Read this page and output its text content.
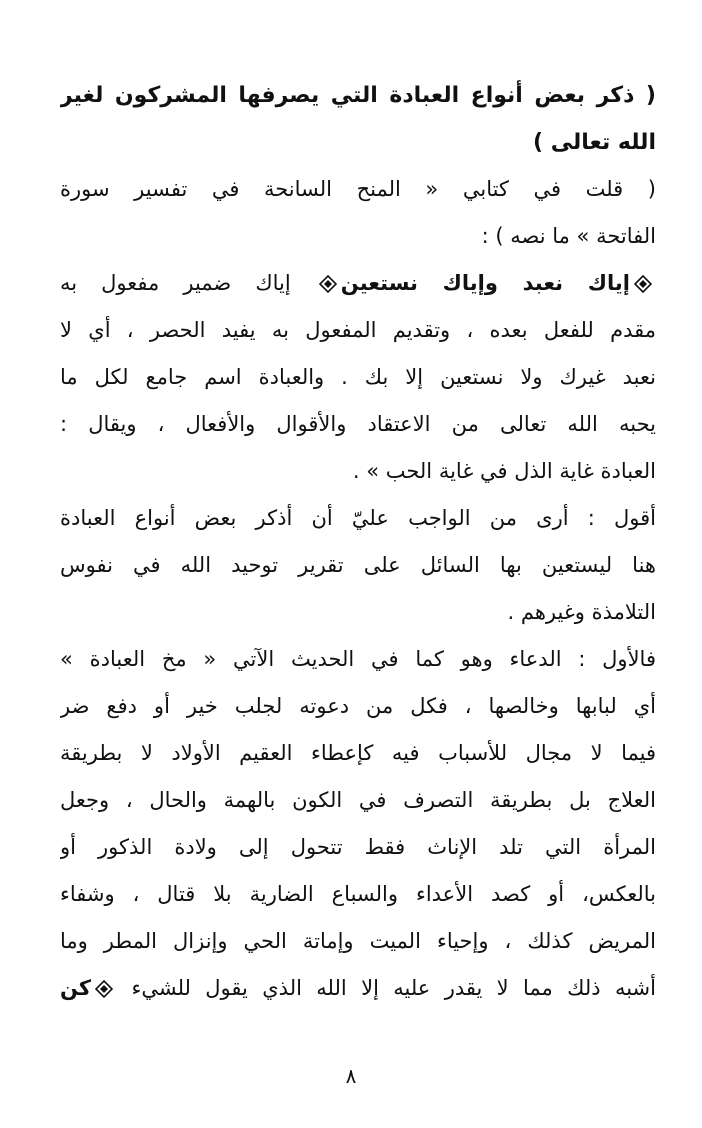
( ذكر بعض أنواع العبادة التي يصرفها المشركون لغير
الله تعالى )
( قلت في كتابي « المنح السانحة في تفسير سورة
الفاتحة » ما نصه ) :
إياك نعبد وإياك نستعين إياك ضمير مفعول به
مقدم للفعل بعده ، وتقديم المفعول به يفيد الحصر ، أي لا
نعبد غيرك ولا نستعين إلا بك . والعبادة اسم جامع لكل ما
يحبه الله تعالى من الاعتقاد والأقوال والأفعال ، ويقال :
العبادة غاية الذل في غاية الحب » .
أقول : أرى من الواجب عليّ أن أذكر بعض أنواع العبادة
هنا ليستعين بها السائل على تقرير توحيد الله في نفوس
التلامذة وغيرهم .
فالأول : الدعاء وهو كما في الحديث الآتي « مخ العبادة »
أي لبابها وخالصها ، فكل من دعوته لجلب خير أو دفع ضر
فيما لا مجال للأسباب فيه كإعطاء العقيم الأولاد لا بطريقة
العلاج بل بطريقة التصرف في الكون بالهمة والحال ، وجعل
المرأة التي تلد الإناث فقط تتحول إلى ولادة الذكور أو
بالعكس، أو كصد الأعداء والسباع الضارية بلا قتال ، وشفاء
المريض كذلك ، وإحياء الميت وإماتة الحي وإنزال المطر وما
أشبه ذلك مما لا يقدر عليه إلا الله الذي يقول للشيء كن
٨
